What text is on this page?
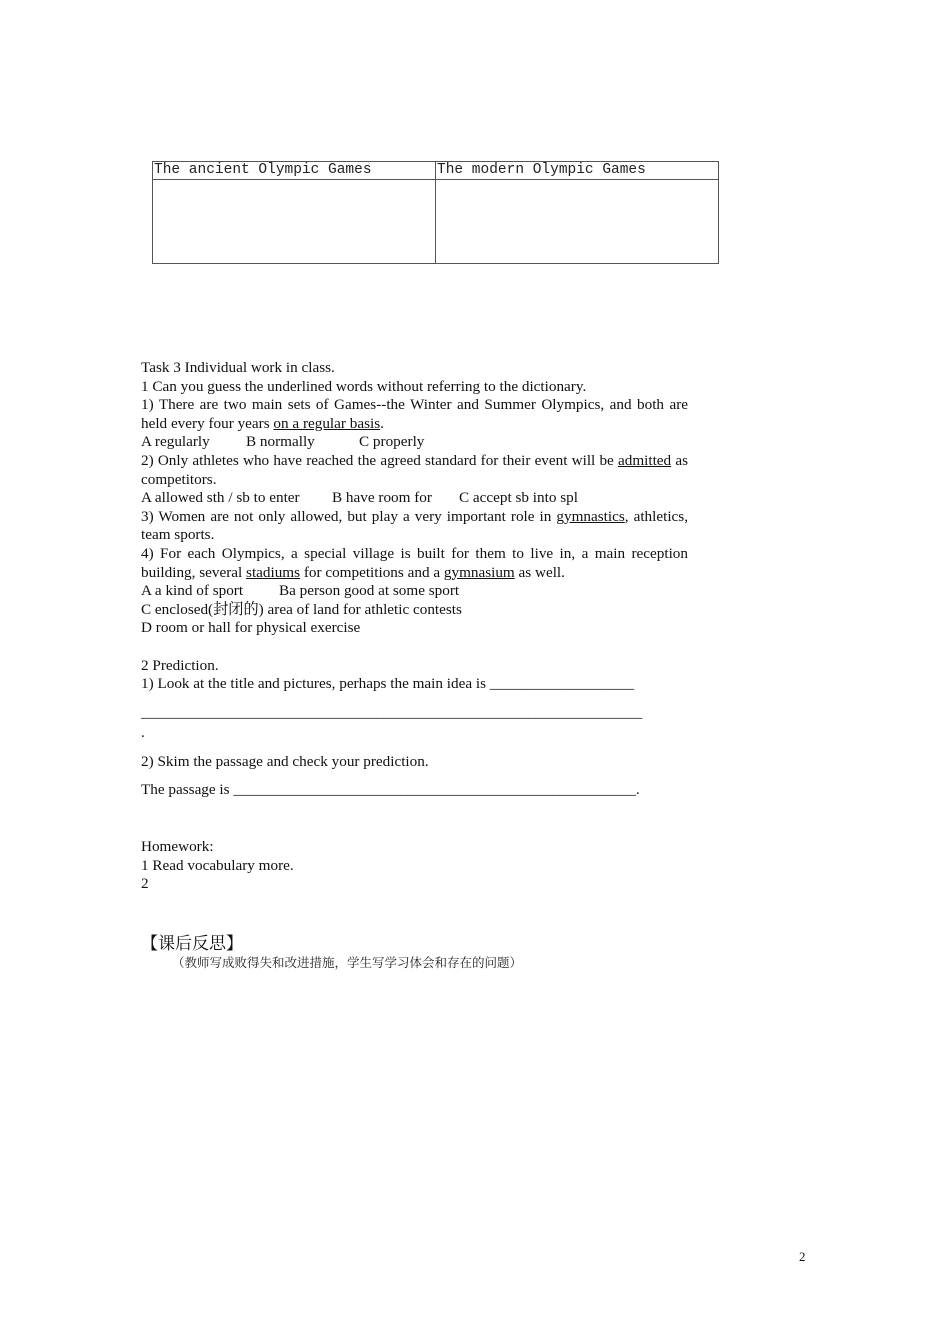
The ancient Olympic Games	The modern Olympic Games

Task 3 Individual work in class.

1 Can you guess the underlined words without referring to the dictionary.

1) There are two main sets of Games--the Winter and Summer Olympics, and both are held every four years on a regular basis.

A regularly B normally	C properly

2) Only athletes who have reached the agreed standard for their event will be admitted as competitors.

A allowed sth / sb to enter B have room for C accept sb into spl

3) Women are not only allowed, but play a very important role in gymnastics, athletics, team sports.

4) For each Olympics, a special village is built for them to live in, a main reception building, several stadiums for competitions and a gymnasium as well.

A a kind of sport Ba person good at some sport

C enclosed(封闭的) area of land for athletic contests

D room or hall for physical exercise

2 Prediction.

1) Look at the title and pictures, perhaps the main idea is ___________________

__________________________________________________________________

.

2) Skim the passage and check your prediction.

The passage is _____________________________________________________.

Homework:

1 Read vocabulary more.

2

【课后反思】
（教师写成败得失和改进措施，学生写学习体会和存在的问题）
2
